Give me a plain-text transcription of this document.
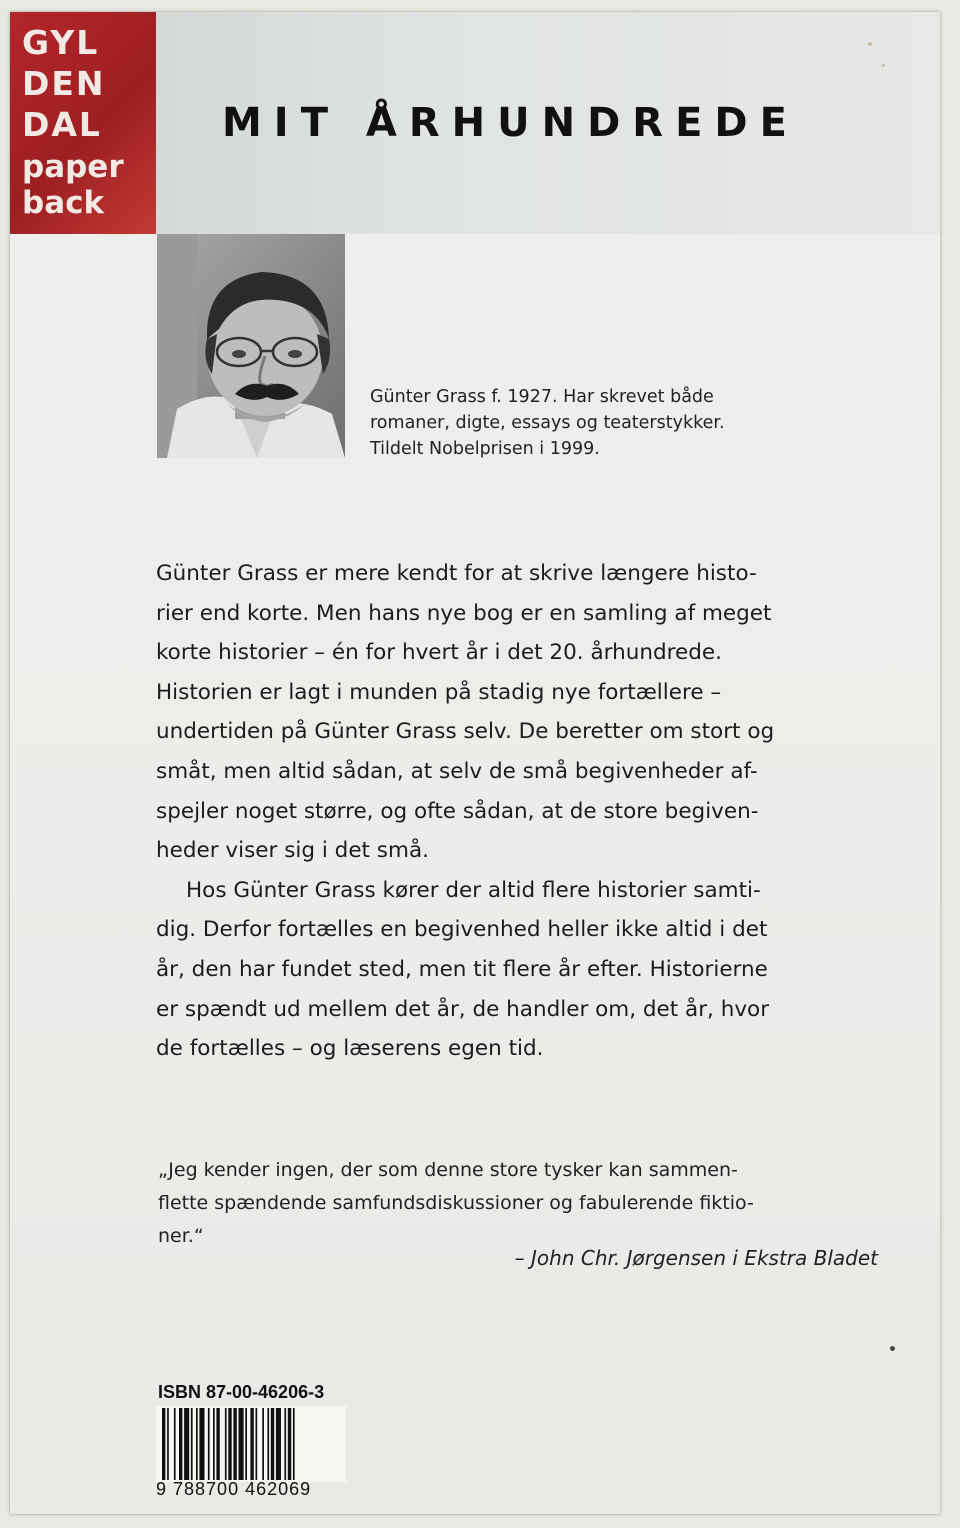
GYL
DEN
DAL
paper
back
MIT ÅRHUNDREDE
Günter Grass f. 1927. Har skrevet både
romaner, digte, essays og teaterstykker.
Tildelt Nobelprisen i 1999.
Günter Grass er mere kendt for at skrive længere histo-
rier end korte. Men hans nye bog er en samling af meget
korte historier – én for hvert år i det 20. århundrede.
Historien er lagt i munden på stadig nye fortællere –
undertiden på Günter Grass selv. De beretter om stort og
småt, men altid sådan, at selv de små begivenheder af-
spejler noget større, og ofte sådan, at de store begiven-
heder viser sig i det små.
Hos Günter Grass kører der altid flere historier samti-
dig. Derfor fortælles en begivenhed heller ikke altid i det
år, den har fundet sted, men tit flere år efter. Historierne
er spændt ud mellem det år, de handler om, det år, hvor
de fortælles – og læserens egen tid.
„Jeg kender ingen, der som denne store tysker kan sammen-
flette spændende samfundsdiskussioner og fabulerende fiktio-
ner.“
– John Chr. Jørgensen i Ekstra Bladet
ISBN 87-00-46206-3
9 788700 462069
